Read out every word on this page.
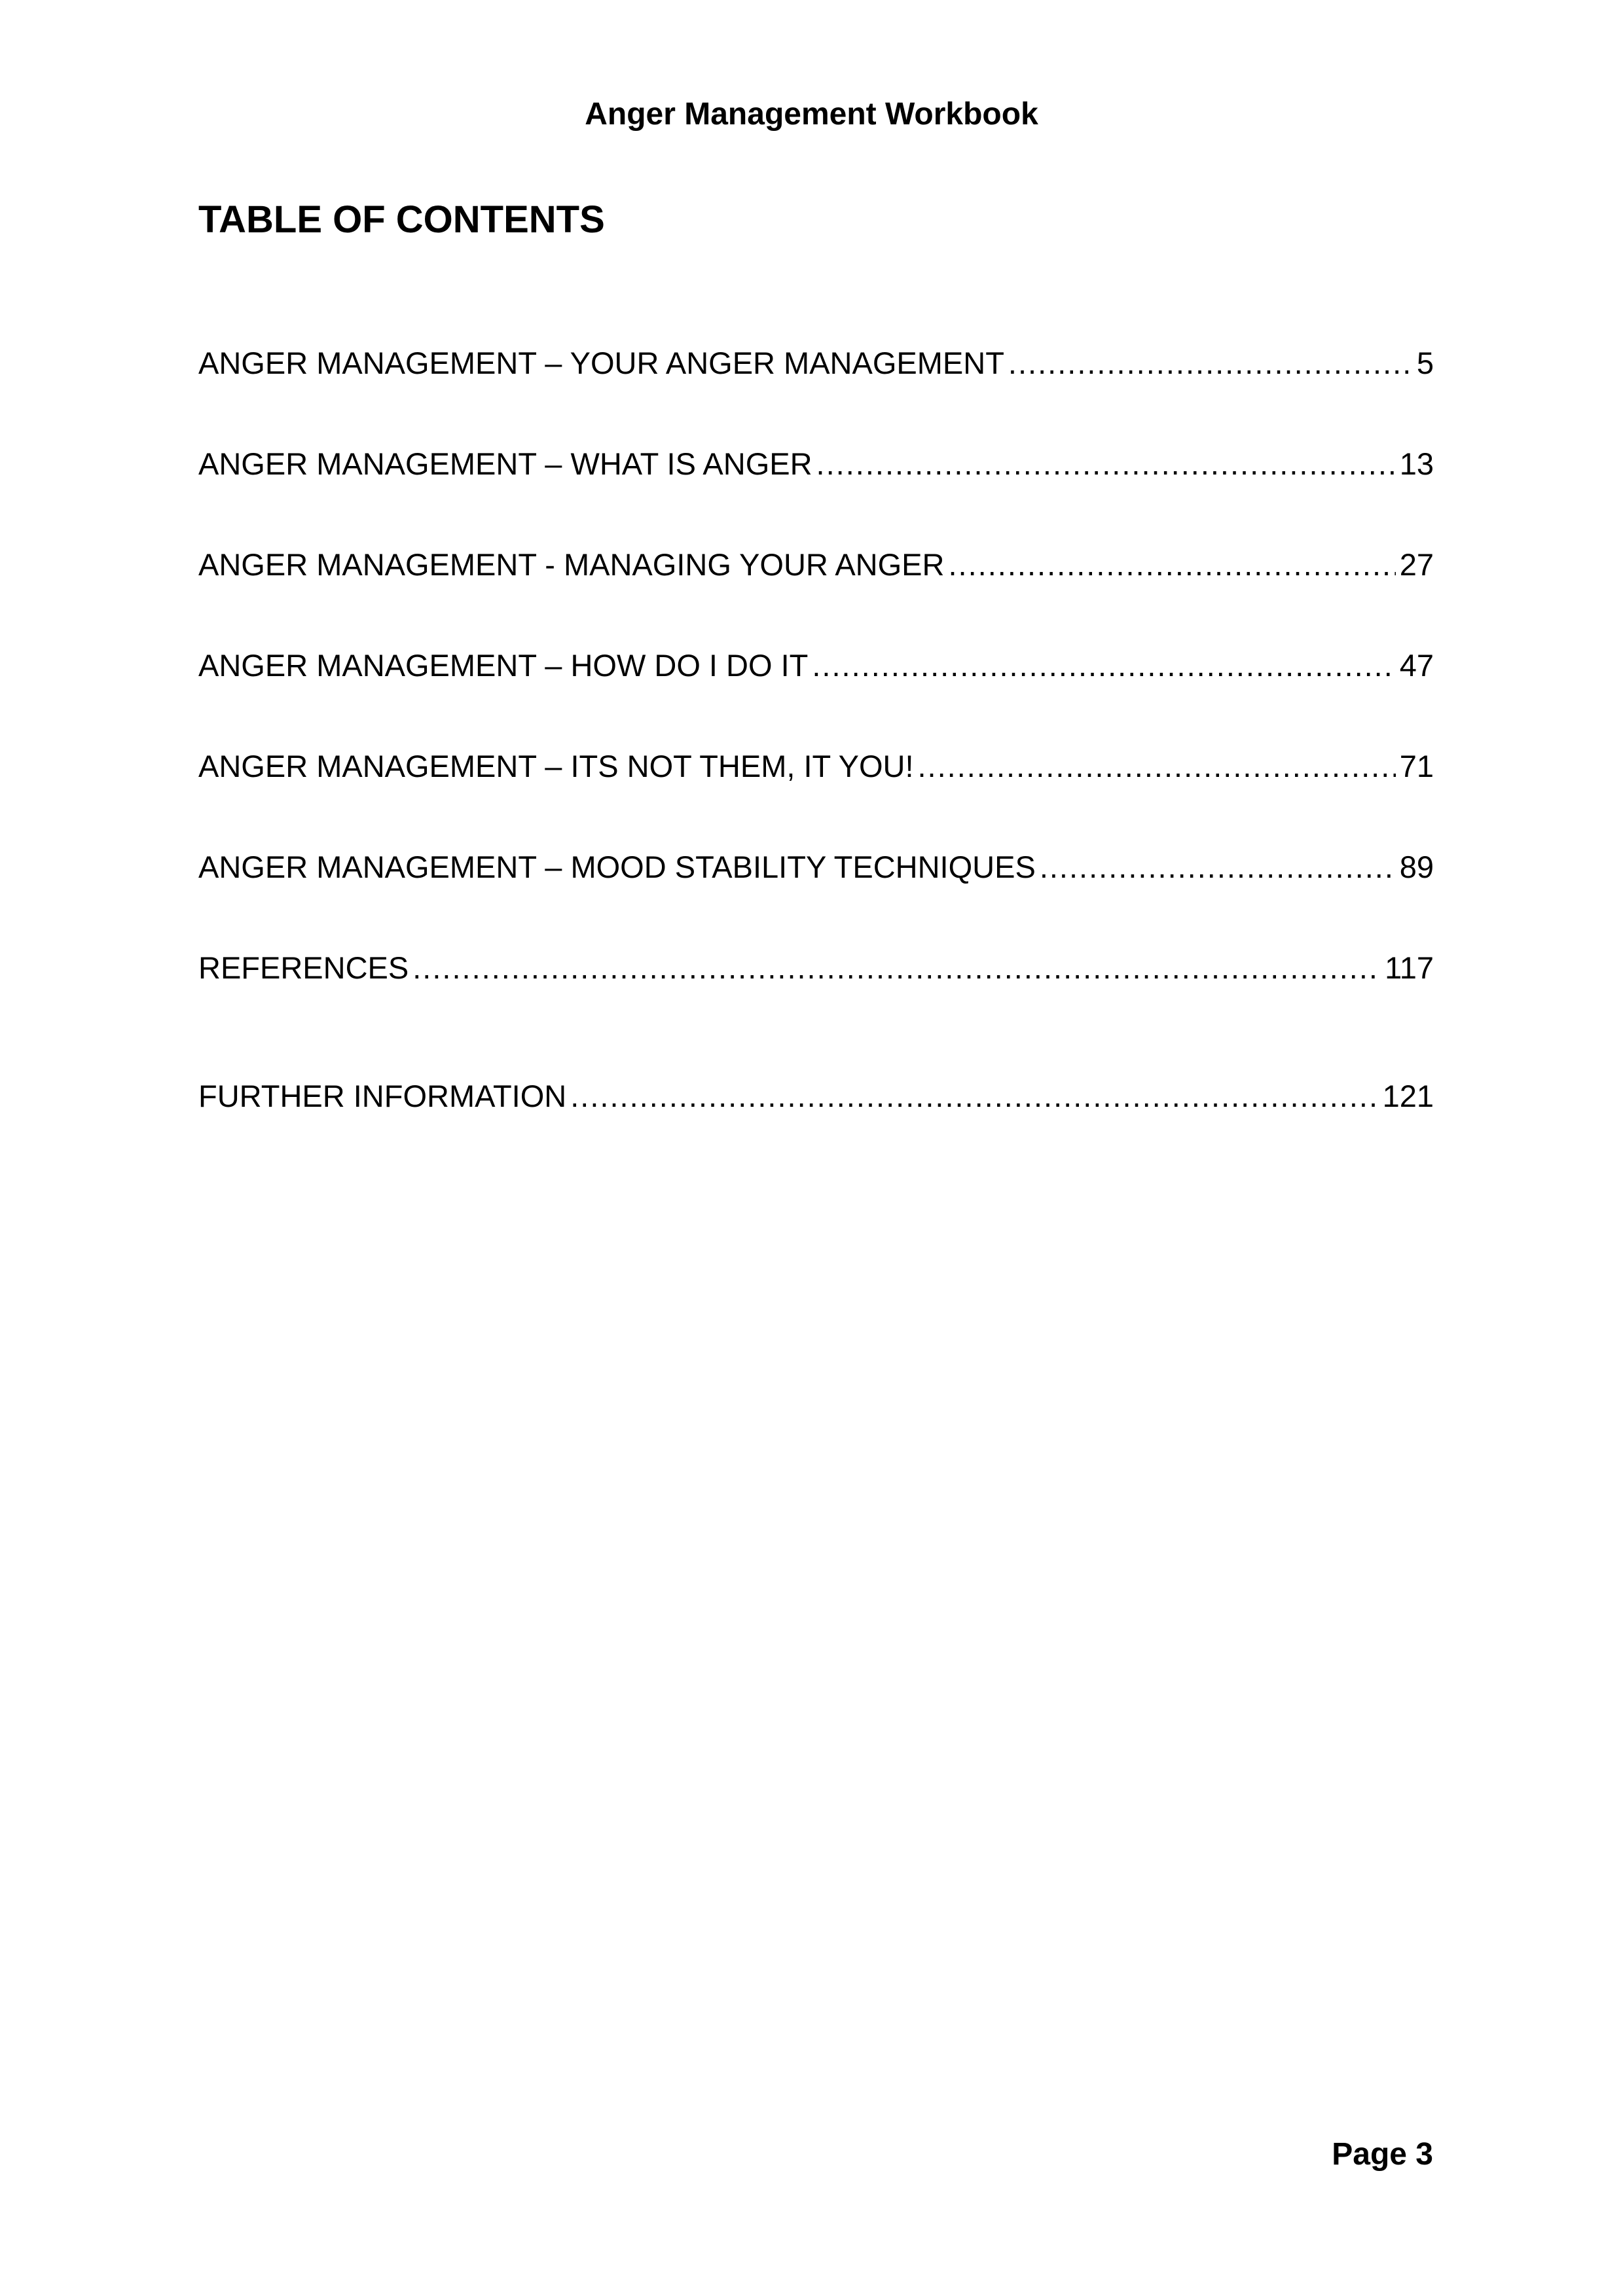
Anger Management Workbook
TABLE OF CONTENTS
ANGER MANAGEMENT – YOUR ANGER MANAGEMENT .....	5
ANGER MANAGEMENT – WHAT IS ANGER .....	13
ANGER MANAGEMENT - MANAGING YOUR ANGER .....	27
ANGER MANAGEMENT – HOW DO I DO IT .....	47
ANGER MANAGEMENT – ITS NOT THEM, IT YOU! .....	71
ANGER MANAGEMENT – MOOD STABILITY TECHNIQUES .....	89
REFERENCES .....	117
FURTHER INFORMATION .....	121
Page 3
